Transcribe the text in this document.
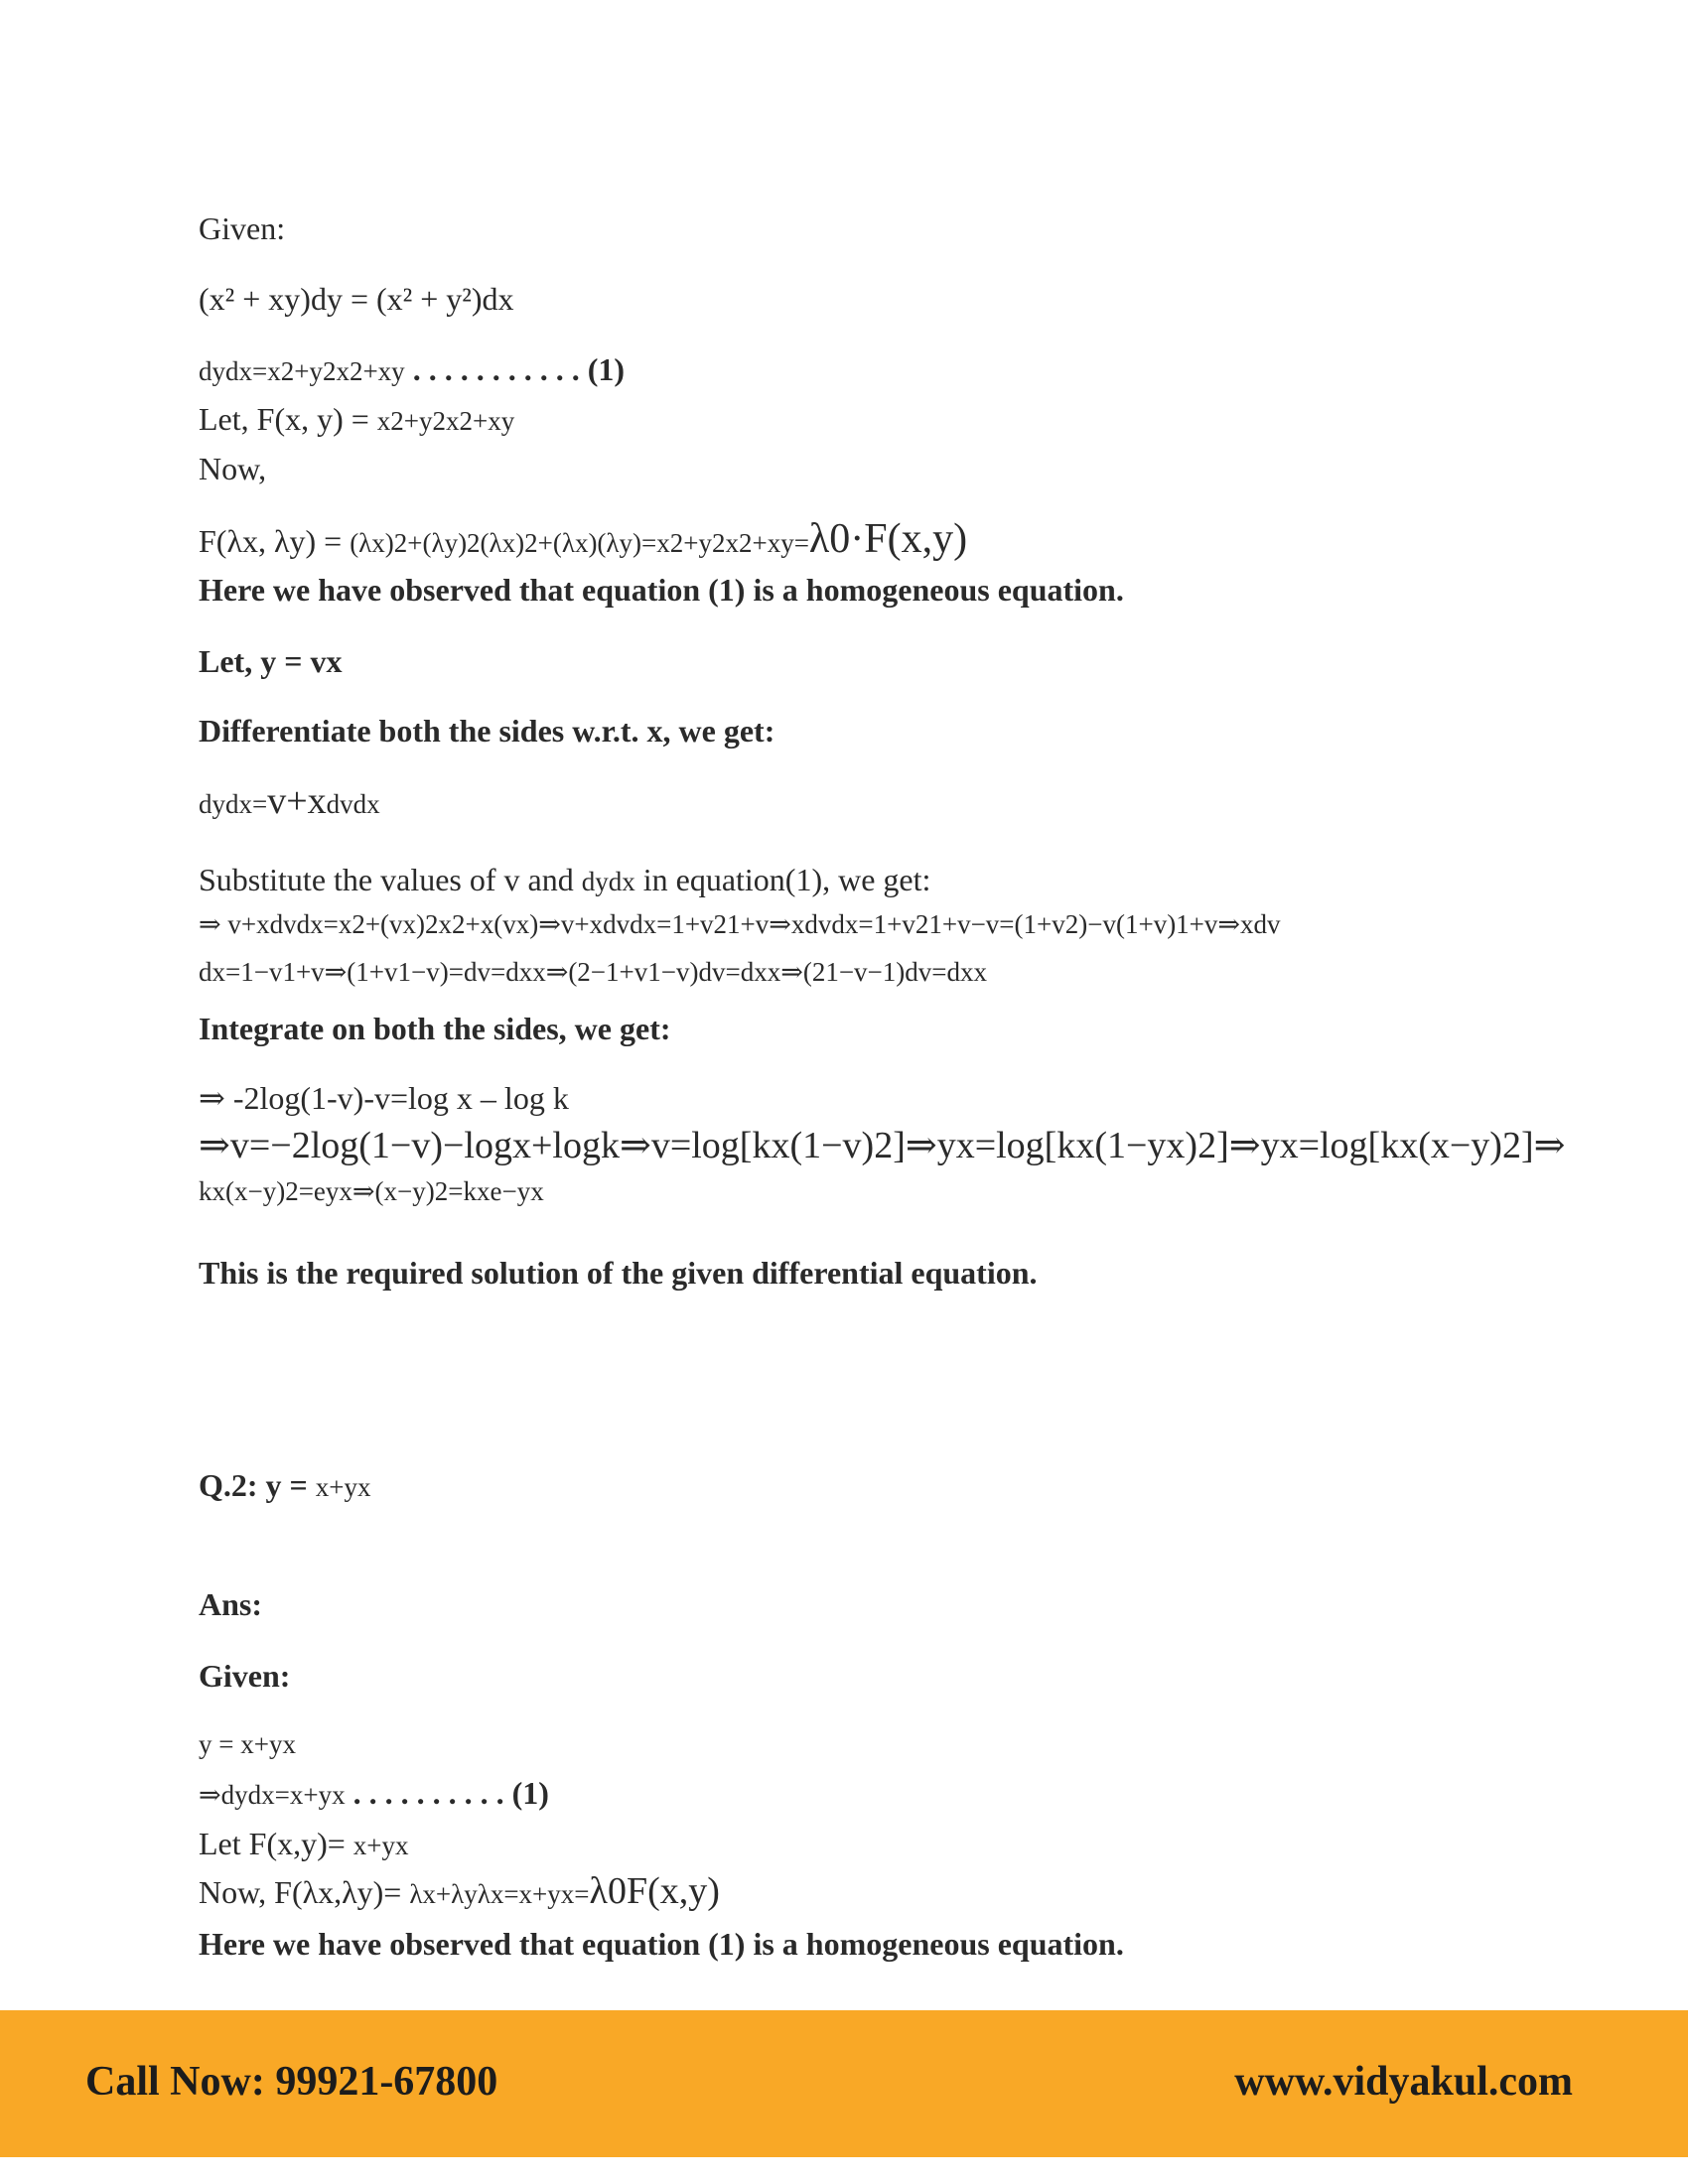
Given:
(x² + xy)dy = (x² + y²)dx
dydx=x2+y2x2+xy . . . . . . . . . . . (1)
Let, F(x, y) = x2+y2x2+xy
Now,
F(λx, λy) = (λx)2+(λy)2(λx)2+(λx)(λy)=x2+y2x2+xy=λ0·F(x,y)
Here we have observed that equation (1) is a homogeneous equation.
Let, y = vx
Differentiate both the sides w.r.t. x, we get:
dydx=v+xdvdx
Substitute the values of v and dydx in equation(1), we get:
⇒ v+xdvdx=x2+(vx)2x2+x(vx)⇒v+xdvdx=1+v21+v⇒xdvdx=1+v21+v−v=(1+v2)−v(1+v)1+v⇒xdv
dx=1−v1+v⇒(1+v1−v)=dv=dxx⇒(2−1+v1−v)dv=dxx⇒(21−v−1)dv=dxx
Integrate on both the sides, we get:
⇒ -2log(1-v)-v=log x – log k
⇒v=−2log(1−v)−logx+logk⇒v=log[kx(1−v)2]⇒yx=log[kx(1−yx)2]⇒yx=log[kx(x−y)2]⇒
kx(x−y)2=eyx⇒(x−y)2=kxe−yx
This is the required solution of the given differential equation.
Q.2: y = x+yx
Ans:
Given:
y = x+yx
⇒dydx=x+yx . . . . . . . . . . (1)
Let F(x,y)= x+yx
Now, F(λx,λy)= λx+λyλx=x+yx=λ0F(x,y)
Here we have observed that equation (1) is a homogeneous equation.
Call Now: 99921-67800	www.vidyakul.com
